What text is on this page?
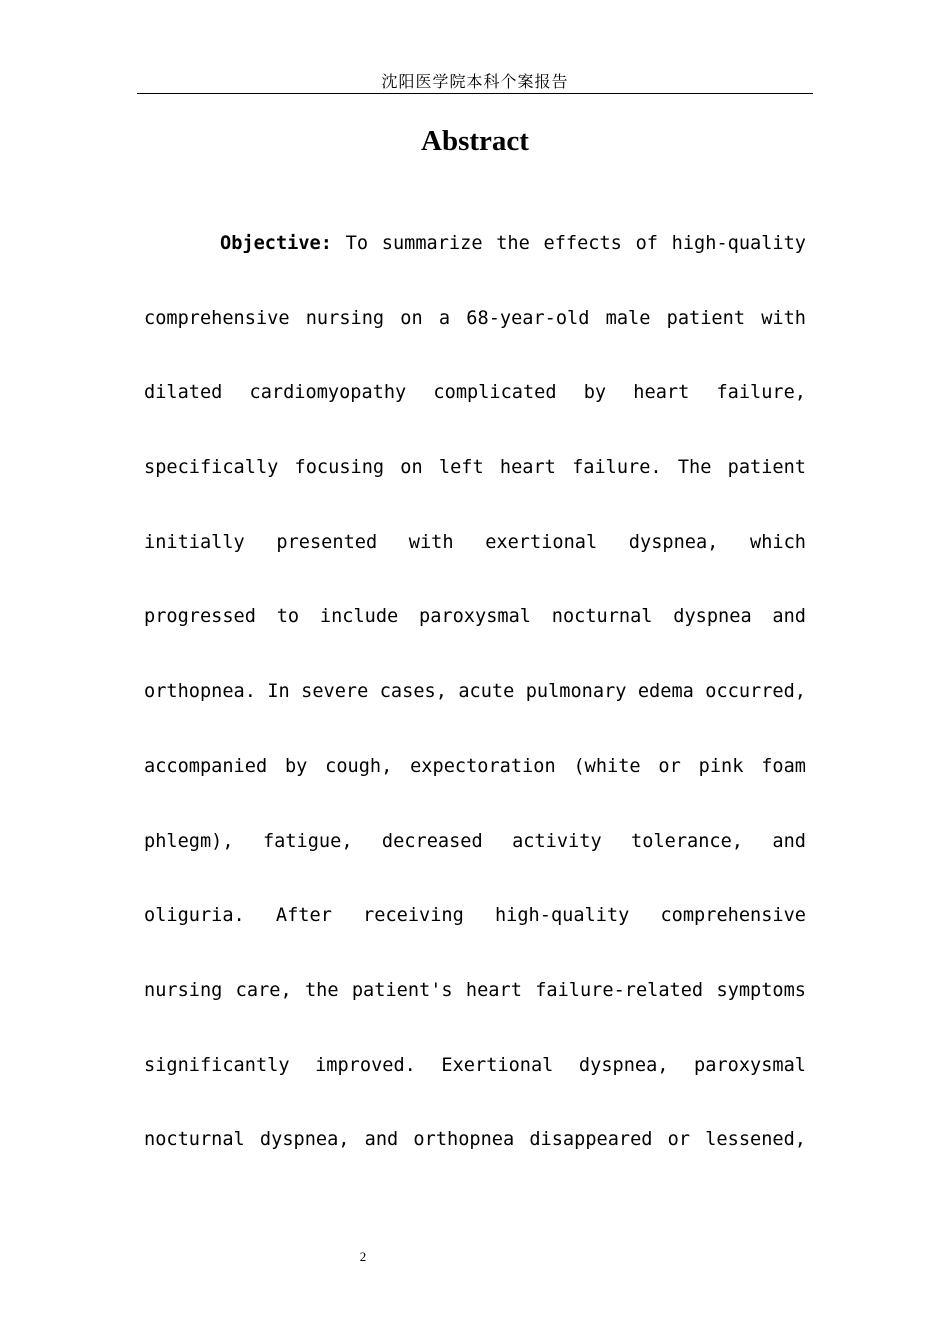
沈阳医学院本科个案报告
Abstract
Objective: To summarize the effects of high-quality
comprehensive nursing on a 68-year-old male patient with
dilated cardiomyopathy complicated by heart failure,
specifically focusing on left heart failure. The patient
initially presented with exertional dyspnea, which
progressed to include paroxysmal nocturnal dyspnea and
orthopnea. In severe cases, acute pulmonary edema occurred,
accompanied by cough, expectoration (white or pink foam
phlegm), fatigue, decreased activity tolerance, and
oliguria. After receiving high-quality comprehensive
nursing care, the patient's heart failure-related symptoms
significantly improved. Exertional dyspnea, paroxysmal
nocturnal dyspnea, and orthopnea disappeared or lessened,
2
